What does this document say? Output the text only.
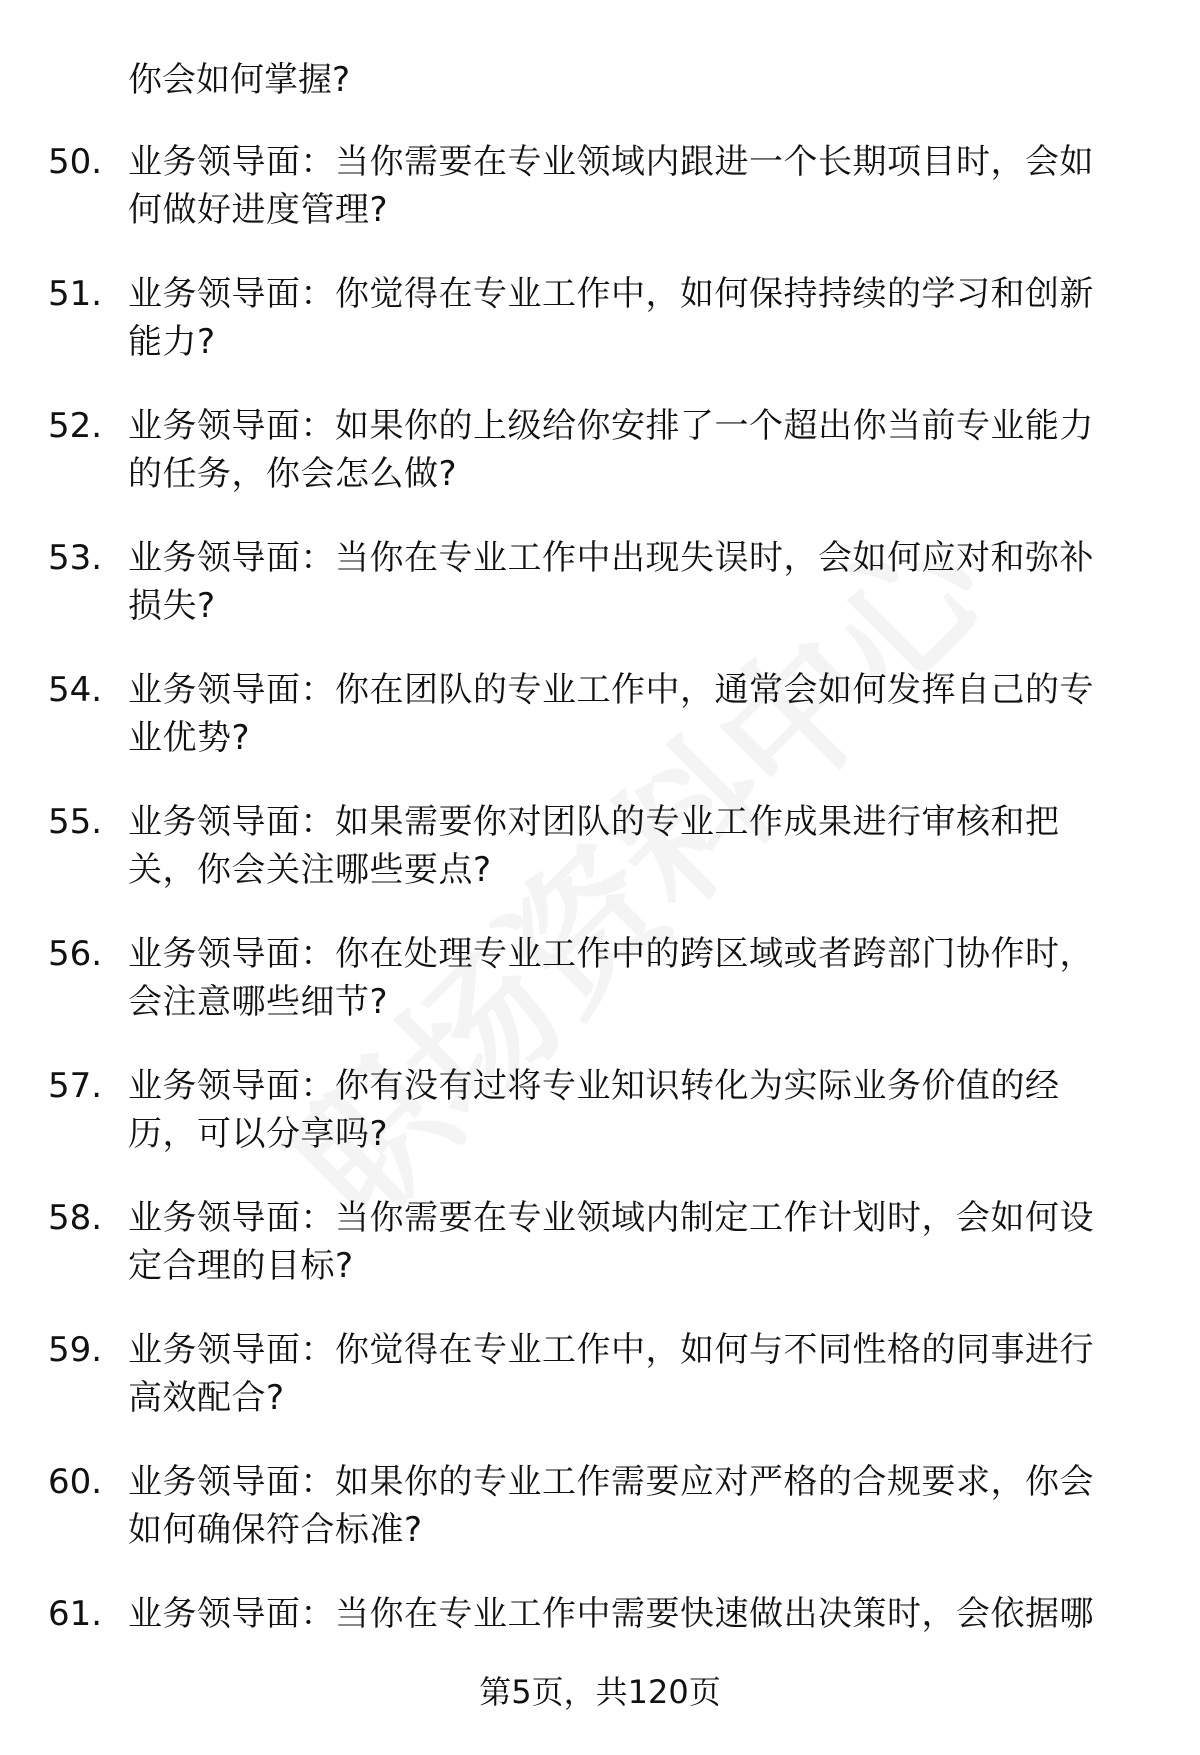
你会如何掌握?

50. 业务领导面：当你需要在专业领域内跟进一个长期项目时，会如何做好进度管理?
51. 业务领导面：你觉得在专业工作中，如何保持持续的学习和创新能力?
52. 业务领导面：如果你的上级给你安排了一个超出你当前专业能力的任务，你会怎么做?
53. 业务领导面：当你在专业工作中出现失误时，会如何应对和弥补损失?
54. 业务领导面：你在团队的专业工作中，通常会如何发挥自己的专业优势?
55. 业务领导面：如果需要你对团队的专业工作成果进行审核和把关，你会关注哪些要点?
56. 业务领导面：你在处理专业工作中的跨区域或者跨部门协作时，会注意哪些细节?
57. 业务领导面：你有没有过将专业知识转化为实际业务价值的经历，可以分享吗?
58. 业务领导面：当你需要在专业领域内制定工作计划时，会如何设定合理的目标?
59. 业务领导面：你觉得在专业工作中，如何与不同性格的同事进行高效配合?
60. 业务领导面：如果你的专业工作需要应对严格的合规要求，你会如何确保符合标准?
61. 业务领导面：当你在专业工作中需要快速做出决策时，会依据哪

第5页，共120页
